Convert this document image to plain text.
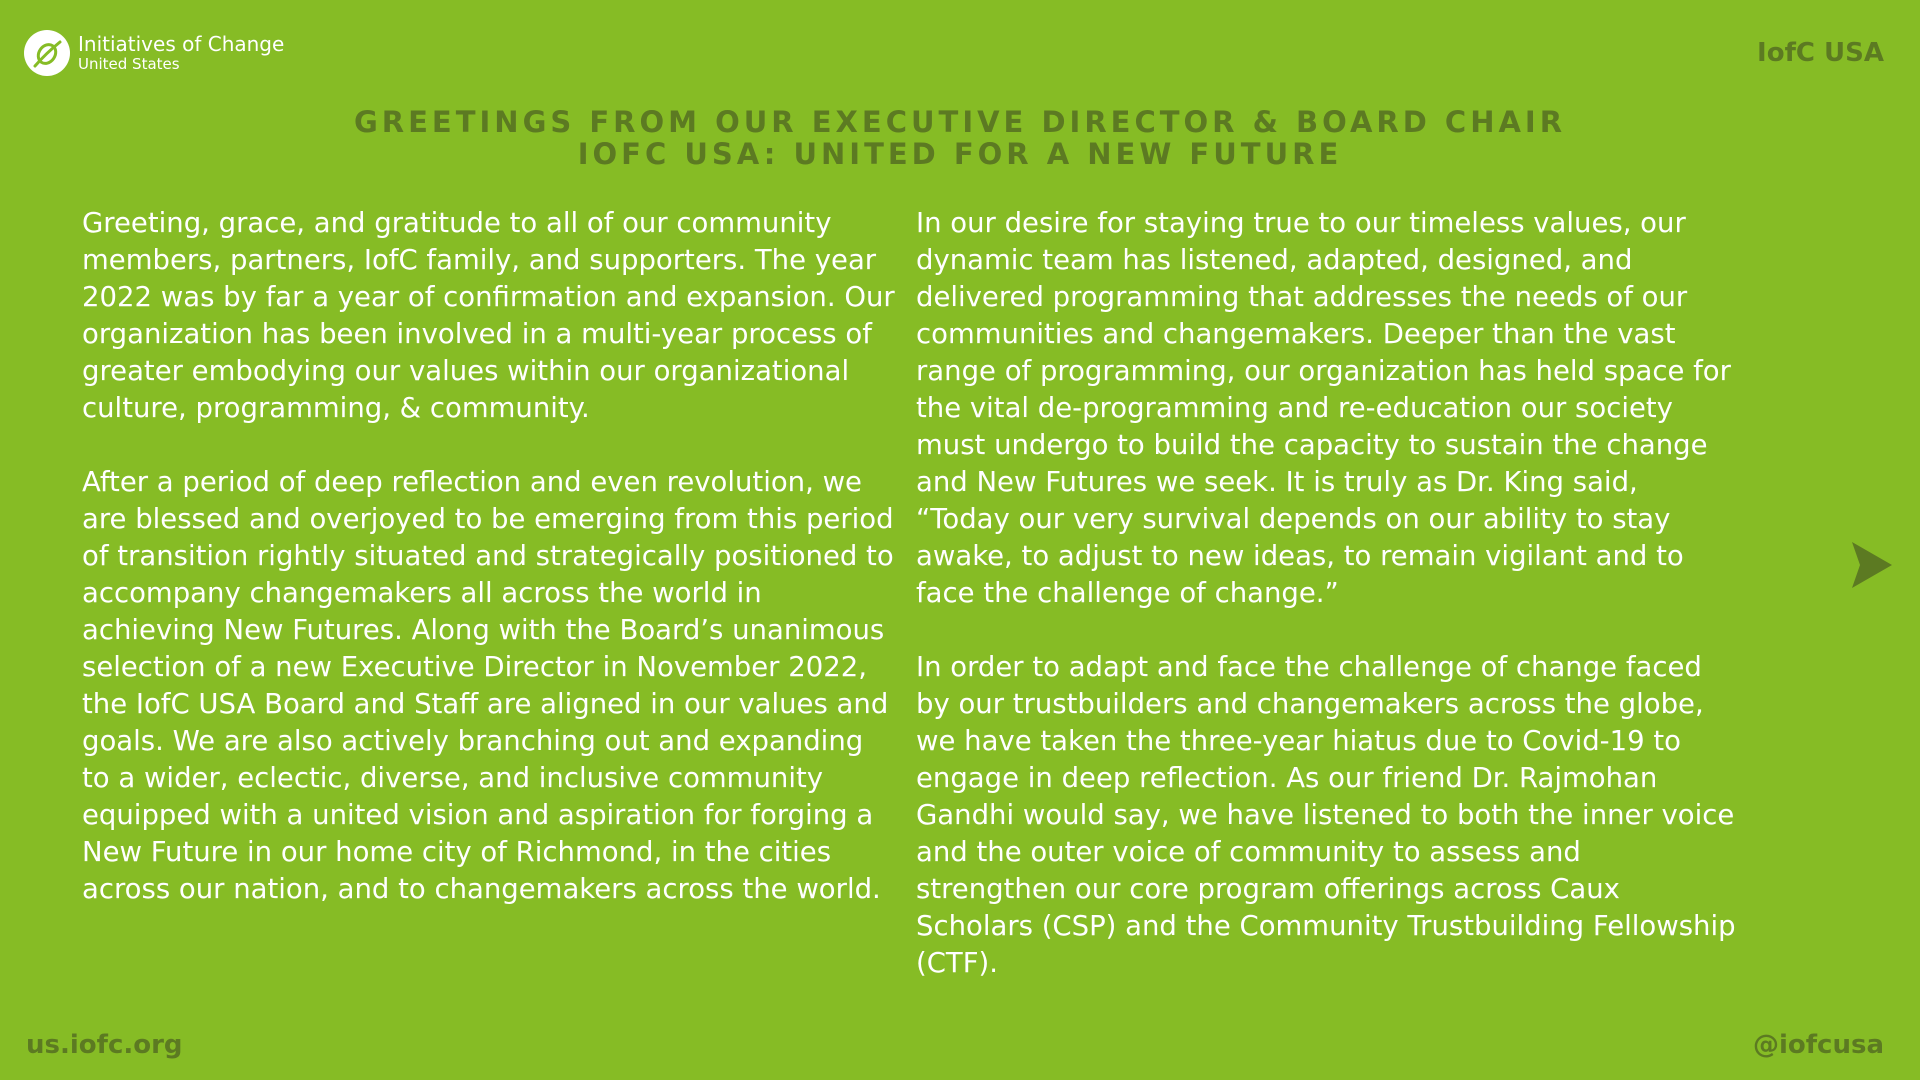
Initiatives of Change
United States	IofC USA
GREETINGS FROM OUR EXECUTIVE DIRECTOR & BOARD CHAIR
IOFC USA: UNITED FOR A NEW FUTURE

Greeting, grace, and gratitude to all of our community members, partners, IofC family, and supporters. The year 2022 was by far a year of confirmation and expansion. Our organization has been involved in a multi-year process of greater embodying our values within our organizational culture, programming, & community.

After a period of deep reflection and even revolution, we are blessed and overjoyed to be emerging from this period of transition rightly situated and strategically positioned to accompany changemakers all across the world in achieving New Futures. Along with the Board’s unanimous selection of a new Executive Director in November 2022, the IofC USA Board and Staff are aligned in our values and goals. We are also actively branching out and expanding to a wider, eclectic, diverse, and inclusive community equipped with a united vision and aspiration for forging a New Future in our home city of Richmond, in the cities across our nation, and to changemakers across the world.

In our desire for staying true to our timeless values, our dynamic team has listened, adapted, designed, and delivered programming that addresses the needs of our communities and changemakers. Deeper than the vast range of programming, our organization has held space for the vital de-programming and re-education our society must undergo to build the capacity to sustain the change and New Futures we seek. It is truly as Dr. King said, “Today our very survival depends on our ability to stay awake, to adjust to new ideas, to remain vigilant and to face the challenge of change.”

In order to adapt and face the challenge of change faced by our trustbuilders and changemakers across the globe, we have taken the three-year hiatus due to Covid-19 to engage in deep reflection. As our friend Dr. Rajmohan Gandhi would say, we have listened to both the inner voice and the outer voice of community to assess and strengthen our core program offerings across Caux Scholars (CSP) and the Community Trustbuilding Fellowship (CTF).

us.iofc.org	@iofcusa
